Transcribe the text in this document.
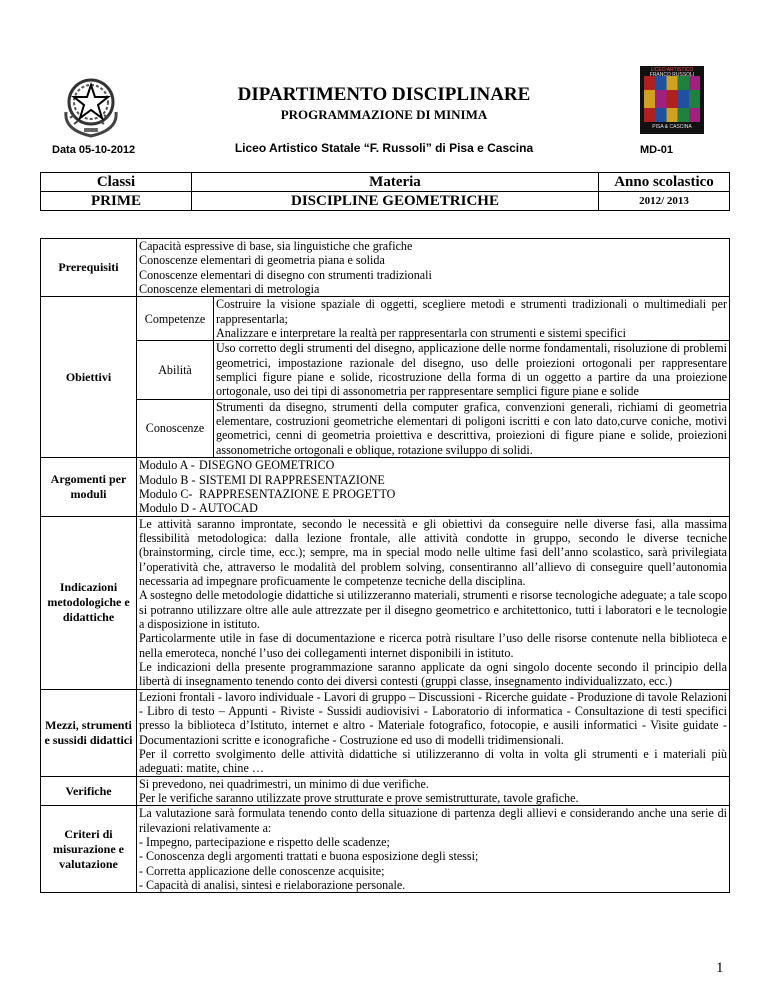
LICEO ARTISTICO
FRANCO RUSSOLI
PISA & CASCINA
DIPARTIMENTO DISCIPLINARE
PROGRAMMAZIONE DI MINIMA
Data 05-10-2012	Liceo Artistico Statale “F. Russoli” di Pisa e Cascina	MD-01
Classi	Materia	Anno scolastico
PRIME	DISCIPLINE GEOMETRICHE	2012/ 2013
Prerequisiti	Capacità espressive di base, sia linguistiche che grafiche
Conoscenze elementari di geometria piana e solida
Conoscenze elementari di disegno con strumenti tradizionali
Conoscenze elementari di metrologia	

Obiettivi	Competenze	Costruire la visione spaziale di oggetti, scegliere metodi e strumenti tradizionali o multimediali per rappresentarla;
Analizzare e interpretare la realtà per rappresentarla con strumenti e sistemi specifici

	Abilità	Uso corretto degli strumenti del disegno, applicazione delle norme fondamentali, risoluzione di problemi geometrici, impostazione razionale del disegno, uso delle proiezioni ortogonali per rappresentare semplici figure piane e solide, ricostruzione della forma di un oggetto a partire da una proiezione ortogonale, uso dei tipi di assonometria per rappresentare semplici figure piane e solide
	Conoscenze	Strumenti da disegno, strumenti della computer grafica, convenzioni generali, richiami di geometria elementare, costruzioni geometriche elementari di poligoni iscritti e con lato dato,curve coniche, motivi geometrici, cenni di geometria proiettiva e descrittiva, proiezioni di figure piane e solide, proiezioni assonometriche ortogonali e oblique, rotazione sviluppo di solidi.
Argomenti per moduli	Modulo A - DISEGNO GEOMETRICO
Modulo B - SISTEMI DI RAPPRESENTAZIONE
Modulo C- RAPPRESENTAZIONE E PROGETTO
Modulo D - AUTOCAD	

Indicazioni metodologiche e didattiche	Le attività saranno improntate, secondo le necessità e gli obiettivi da conseguire nelle diverse fasi, alla massima flessibilità metodologica: dalla lezione frontale, alle attività condotte in gruppo, secondo le diverse tecniche (brainstorming, circle time, ecc.); sempre, ma in special modo nelle ultime fasi dell’anno scolastico, sarà privilegiata l’operatività che, attraverso le modalità del problem solving, consentiranno all’allievo di conseguire quell’autonomia necessaria ad impegnare proficuamente le competenze tecniche della disciplina.
A sostegno delle metodologie didattiche si utilizzeranno materiali, strumenti e risorse tecnologiche adeguate; a tale scopo si potranno utilizzare oltre alle aule attrezzate per il disegno geometrico e architettonico, tutti i laboratori e le tecnologie a disposizione in istituto.
Particolarmente utile in fase di documentazione e ricerca potrà risultare l’uso delle risorse contenute nella biblioteca e nella emeroteca, nonché l’uso dei collegamenti internet disponibili in istituto.
Le indicazioni della presente programmazione saranno applicate da ogni singolo docente secondo il principio della libertà di insegnamento tenendo conto dei diversi contesti (gruppi classe, insegnamento individualizzato, ecc.)	

Mezzi, strumenti e sussidi didattici	Lezioni frontali - lavoro individuale - Lavori di gruppo – Discussioni - Ricerche guidate - Produzione di tavole Relazioni - Libro di testo – Appunti - Riviste - Sussidi audiovisivi - Laboratorio di informatica - Consultazione di testi specifici presso la biblioteca d’Istituto, internet e altro - Materiale fotografico, fotocopie, e ausili informatici - Visite guidate - Documentazioni scritte e iconografiche - Costruzione ed uso di modelli tridimensionali.
Per il corretto svolgimento delle attività didattiche si utilizzeranno di volta in volta gli strumenti e i materiali più adeguati: matite, chine …	

Verifiche	Si prevedono, nei quadrimestri, un minimo di due verifiche.
Per le verifiche saranno utilizzate prove strutturate e prove semistrutturate, tavole grafiche.	

Criteri di misurazione e valutazione	La valutazione sarà formulata tenendo conto della situazione di partenza degli allievi e considerando anche una serie di rilevazioni relativamente a:
- Impegno, partecipazione e rispetto delle scadenze;
- Conoscenza degli argomenti trattati e buona esposizione degli stessi;
- Corretta applicazione delle conoscenze acquisite;
- Capacità di analisi, sintesi e rielaborazione personale.	
1
